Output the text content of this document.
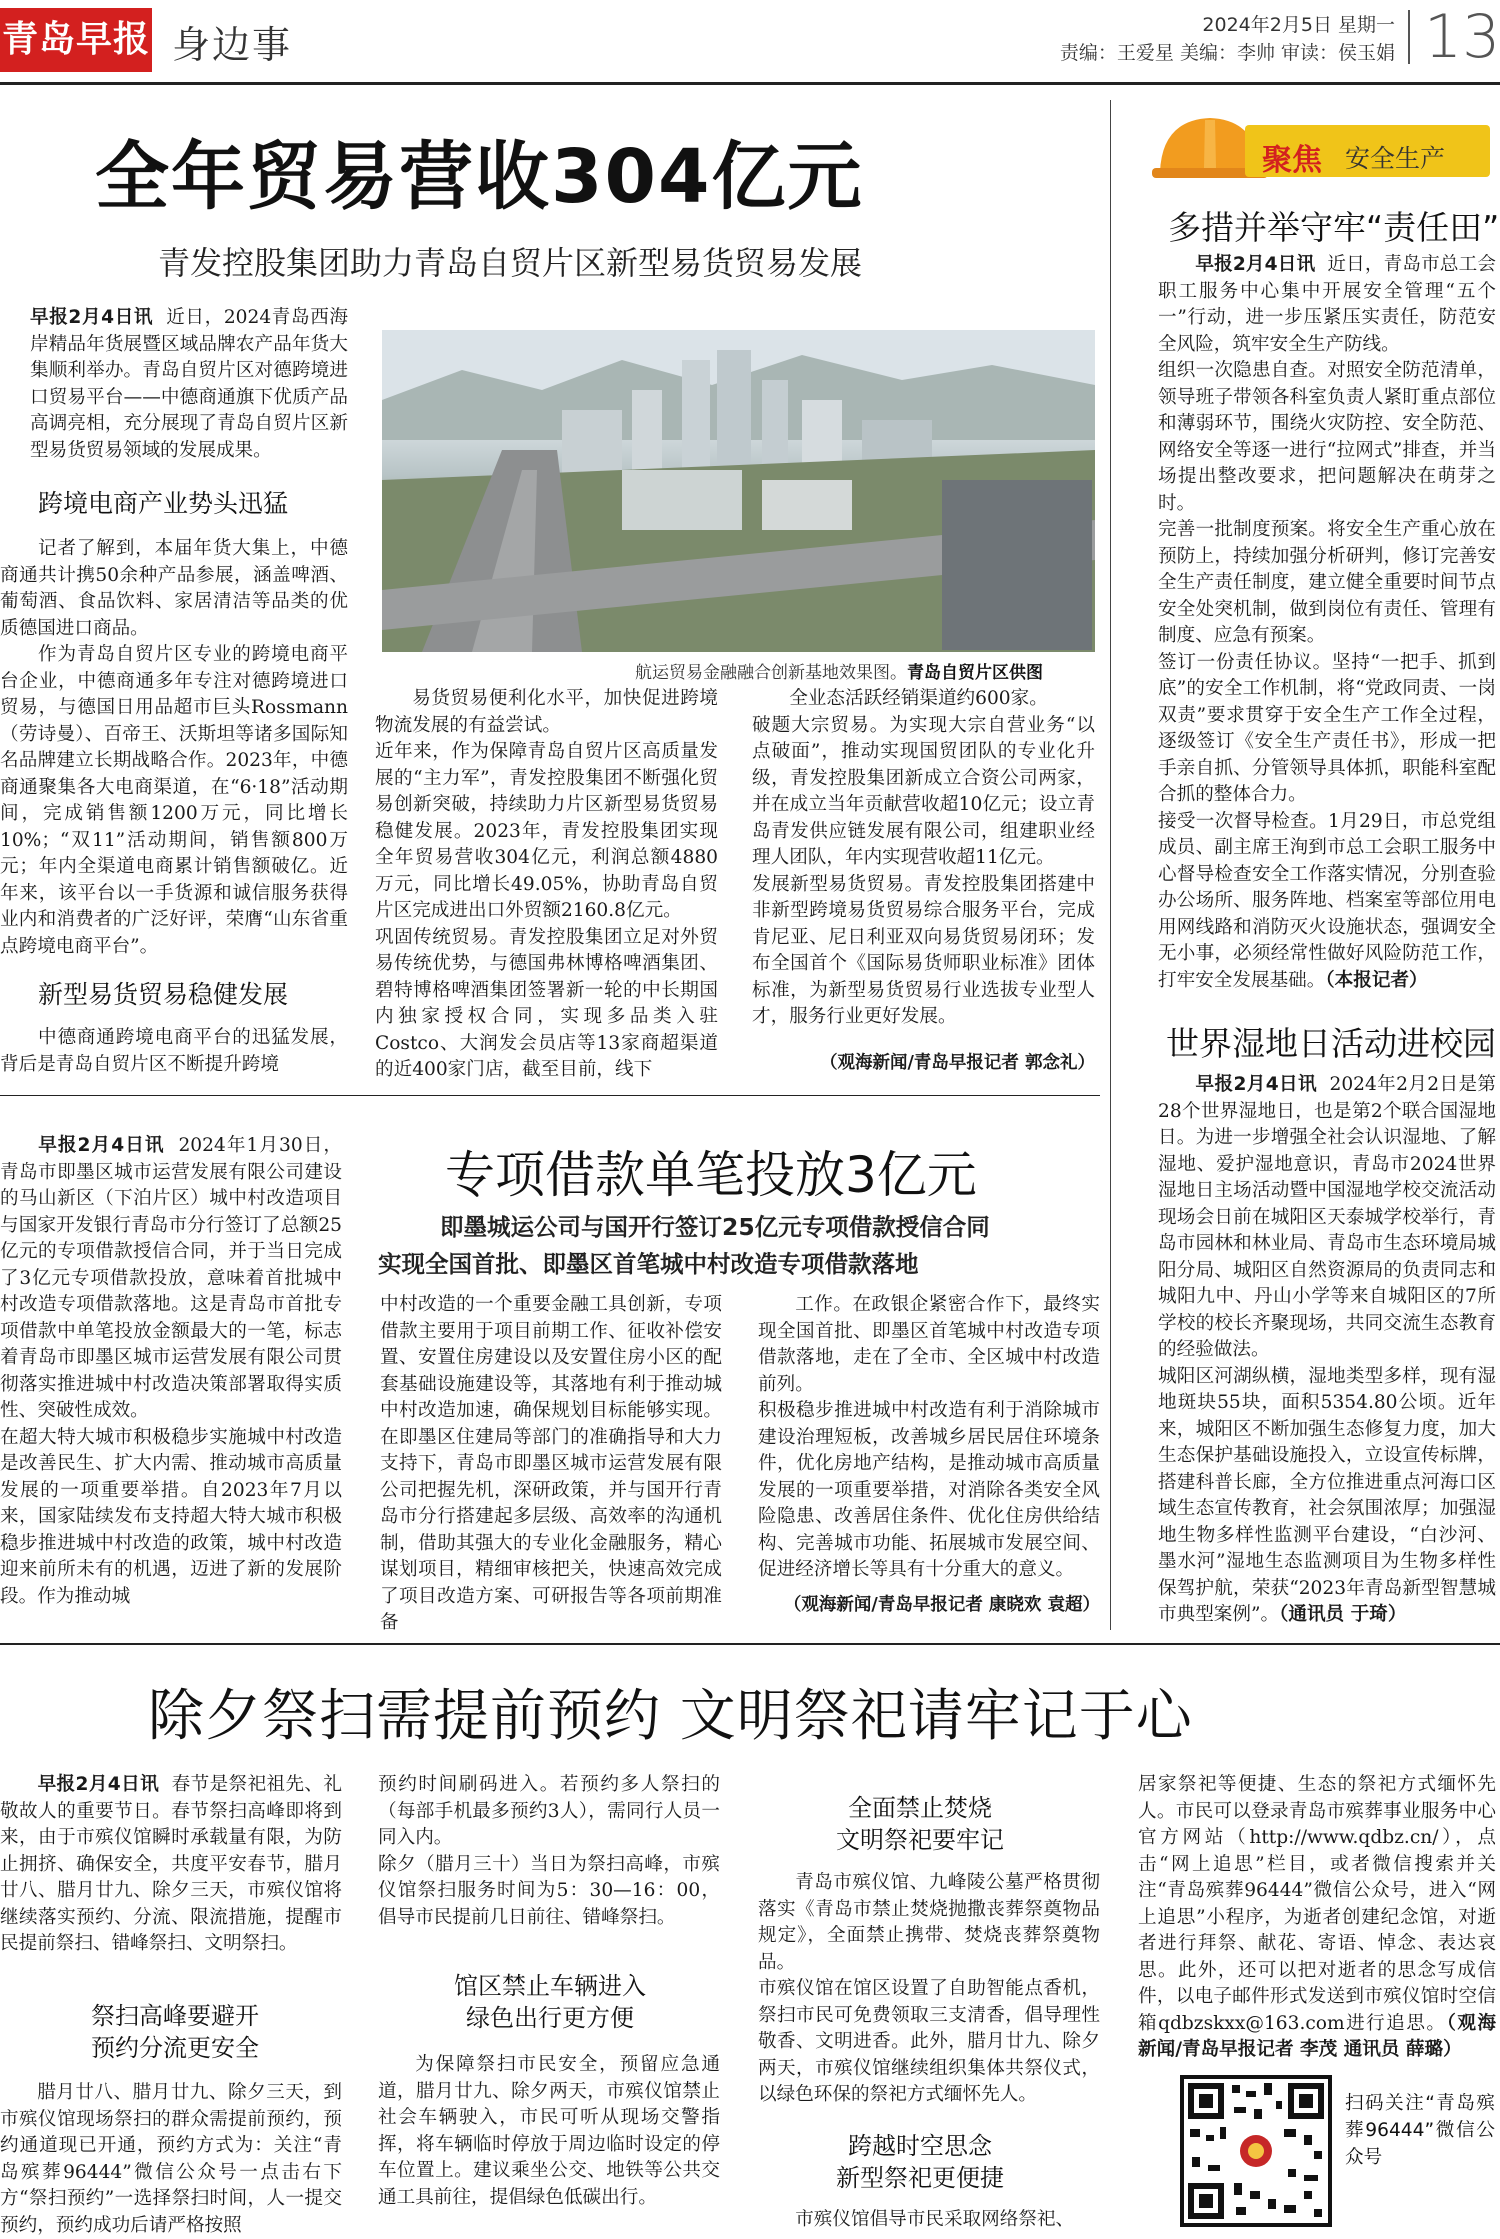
青岛早报 身边事	2024年2月5日 星期一
责编：王爱星 美编：李帅 审读：侯玉娟 13
全年贸易营收304亿元
青发控股集团助力青岛自贸片区新型易货贸易发展
早报2月4日讯 近日，2024青岛西海岸精品年货展暨区域品牌农产品年货大集顺利举办。青岛自贸片区对德跨境进口贸易平台——中德商通旗下优质产品高调亮相，充分展现了青岛自贸片区新型易货贸易领域的发展成果。
跨境电商产业势头迅猛
记者了解到，本届年货大集上，中德商通共计携50余种产品参展，涵盖啤酒、葡萄酒、食品饮料、家居清洁等品类的优质德国进口商品。
作为青岛自贸片区专业的跨境电商平台企业，中德商通多年专注对德跨境进口贸易，与德国日用品超市巨头Rossmann（劳诗曼）、百帝王、沃斯坦等诸多国际知名品牌建立长期战略合作。2023年，中德商通聚集各大电商渠道，在“6·18”活动期间，完成销售额1200万元，同比增长10%；“双11”活动期间，销售额800万元；年内全渠道电商累计销售额破亿。近年来，该平台以一手货源和诚信服务获得业内和消费者的广泛好评，荣膺“山东省重点跨境电商平台”。
新型易货贸易稳健发展
中德商通跨境电商平台的迅猛发展，背后是青岛自贸片区不断提升跨境
航运贸易金融融合创新基地效果图。青岛自贸片区供图
易货贸易便利化水平，加快促进跨境物流发展的有益尝试。
近年来，作为保障青岛自贸片区高质量发展的“主力军”，青发控股集团不断强化贸易创新突破，持续助力片区新型易货贸易稳健发展。2023年，青发控股集团实现全年贸易营收304亿元，利润总额4880万元，同比增长49.05%，协助青岛自贸片区完成进出口外贸额2160.8亿元。
巩固传统贸易。青发控股集团立足对外贸易传统优势，与德国弗林博格啤酒集团、碧特博格啤酒集团签署新一轮的中长期国内独家授权合同，实现多品类入驻Costco、大润发会员店等13家商超渠道的近400家门店，截至目前，线下
全业态活跃经销渠道约600家。
破题大宗贸易。为实现大宗自营业务“以点破面”，推动实现国贸团队的专业化升级，青发控股集团新成立合资公司两家，并在成立当年贡献营收超10亿元；设立青岛青发供应链发展有限公司，组建职业经理人团队，年内实现营收超11亿元。
发展新型易货贸易。青发控股集团搭建中非新型跨境易货贸易综合服务平台，完成肯尼亚、尼日利亚双向易货贸易闭环；发布全国首个《国际易货师职业标准》团体标准，为新型易货贸易行业选拔专业型人才，服务行业更好发展。
（观海新闻/青岛早报记者 郭念礼）
聚焦 安全生产
多措并举守牢“责任田”
早报2月4日讯 近日，青岛市总工会职工服务中心集中开展安全管理“五个一”行动，进一步压紧压实责任，防范安全风险，筑牢安全生产防线。
组织一次隐患自查。对照安全防范清单，领导班子带领各科室负责人紧盯重点部位和薄弱环节，围绕火灾防控、安全防范、网络安全等逐一进行“拉网式”排查，并当场提出整改要求，把问题解决在萌芽之时。
完善一批制度预案。将安全生产重心放在预防上，持续加强分析研判，修订完善安全生产责任制度，建立健全重要时间节点安全处突机制，做到岗位有责任、管理有制度、应急有预案。
签订一份责任协议。坚持“一把手、抓到底”的安全工作机制，将“党政同责、一岗双责”要求贯穿于安全生产工作全过程，逐级签订《安全生产责任书》，形成一把手亲自抓、分管领导具体抓，职能科室配合抓的整体合力。
接受一次督导检查。1月29日，市总党组成员、副主席王洵到市总工会职工服务中心督导检查安全工作落实情况，分别查验办公场所、服务阵地、档案室等部位用电用网线路和消防灭火设施状态，强调安全无小事，必须经常性做好风险防范工作，打牢安全发展基础。（本报记者）
世界湿地日活动进校园
早报2月4日讯 2024年2月2日是第28个世界湿地日，也是第2个联合国湿地日。为进一步增强全社会认识湿地、了解湿地、爱护湿地意识，青岛市2024世界湿地日主场活动暨中国湿地学校交流活动现场会日前在城阳区天泰城学校举行，青岛市园林和林业局、青岛市生态环境局城阳分局、城阳区自然资源局的负责同志和城阳九中、丹山小学等来自城阳区的7所学校的校长齐聚现场，共同交流生态教育的经验做法。
城阳区河湖纵横，湿地类型多样，现有湿地斑块55块，面积5354.80公顷。近年来，城阳区不断加强生态修复力度，加大生态保护基础设施投入，立设宣传标牌，搭建科普长廊，全方位推进重点河海口区域生态宣传教育，社会氛围浓厚；加强湿地生物多样性监测平台建设，“白沙河、墨水河”湿地生态监测项目为生物多样性保驾护航，荣获“2023年青岛新型智慧城市典型案例”。（通讯员 于琦）
专项借款单笔投放3亿元
即墨城运公司与国开行签订25亿元专项借款授信合同
实现全国首批、即墨区首笔城中村改造专项借款落地
早报2月4日讯 2024年1月30日，青岛市即墨区城市运营发展有限公司建设的马山新区（下泊片区）城中村改造项目与国家开发银行青岛市分行签订了总额25亿元的专项借款授信合同，并于当日完成了3亿元专项借款投放，意味着首批城中村改造专项借款落地。这是青岛市首批专项借款中单笔投放金额最大的一笔，标志着青岛市即墨区城市运营发展有限公司贯彻落实推进城中村改造决策部署取得实质性、突破性成效。
在超大特大城市积极稳步实施城中村改造是改善民生、扩大内需、推动城市高质量发展的一项重要举措。自2023年7月以来，国家陆续发布支持超大特大城市积极稳步推进城中村改造的政策，城中村改造迎来前所未有的机遇，迈进了新的发展阶段。作为推动城
中村改造的一个重要金融工具创新，专项借款主要用于项目前期工作、征收补偿安置、安置住房建设以及安置住房小区的配套基础设施建设等，其落地有利于推动城中村改造加速，确保规划目标能够实现。在即墨区住建局等部门的准确指导和大力支持下，青岛市即墨区城市运营发展有限公司把握先机，深研政策，并与国开行青岛市分行搭建起多层级、高效率的沟通机制，借助其强大的专业化金融服务，精心谋划项目，精细审核把关，快速高效完成了项目改造方案、可研报告等各项前期准备
工作。在政银企紧密合作下，最终实现全国首批、即墨区首笔城中村改造专项借款落地，走在了全市、全区城中村改造前列。
积极稳步推进城中村改造有利于消除城市建设治理短板，改善城乡居民居住环境条件，优化房地产结构，是推动城市高质量发展的一项重要举措，对消除各类安全风险隐患、改善居住条件、优化住房供给结构、完善城市功能、拓展城市发展空间、促进经济增长等具有十分重大的意义。
（观海新闻/青岛早报记者 康晓欢 袁超）
除夕祭扫需提前预约 文明祭祀请牢记于心
早报2月4日讯 春节是祭祀祖先、礼敬故人的重要节日。春节祭扫高峰即将到来，由于市殡仪馆瞬时承载量有限，为防止拥挤、确保安全，共度平安春节，腊月廿八、腊月廿九、除夕三天，市殡仪馆将继续落实预约、分流、限流措施，提醒市民提前祭扫、错峰祭扫、文明祭扫。
祭扫高峰要避开
预约分流更安全
腊月廿八、腊月廿九、除夕三天，到市殡仪馆现场祭扫的群众需提前预约，预约通道现已开通，预约方式为：关注“青岛殡葬96444”微信公众号一点击右下方“祭扫预约”一选择祭扫时间，人一提交预约，预约成功后请严格按照
预约时间刷码进入。若预约多人祭扫的（每部手机最多预约3人），需同行人员一同入内。
除夕（腊月三十）当日为祭扫高峰，市殡仪馆祭扫服务时间为5：30—16：00，倡导市民提前几日前往、错峰祭扫。
馆区禁止车辆进入
绿色出行更方便
为保障祭扫市民安全，预留应急通道，腊月廿九、除夕两天，市殡仪馆禁止社会车辆驶入，市民可听从现场交警指挥，将车辆临时停放于周边临时设定的停车位置上。建议乘坐公交、地铁等公共交通工具前往，提倡绿色低碳出行。
全面禁止焚烧
文明祭祀要牢记
青岛市殡仪馆、九峰陵公墓严格贯彻落实《青岛市禁止焚烧抛撒丧葬祭奠物品规定》，全面禁止携带、焚烧丧葬祭奠物品。
市殡仪馆在馆区设置了自助智能点香机，祭扫市民可免费领取三支清香，倡导理性敬香、文明进香。此外，腊月廿九、除夕两天，市殡仪馆继续组织集体共祭仪式，以绿色环保的祭祀方式缅怀先人。
跨越时空思念
新型祭祀更便捷
市殡仪馆倡导市民采取网络祭祀、
居家祭祀等便捷、生态的祭祀方式缅怀先人。市民可以登录青岛市殡葬事业服务中心官方网站（http://www.qdbz.cn/），点击“网上追思”栏目，或者微信搜索并关注“青岛殡葬96444”微信公众号，进入“网上追思”小程序，为逝者创建纪念馆，对逝者进行拜祭、献花、寄语、悼念、表达哀思。此外，还可以把对逝者的思念写成信件，以电子邮件形式发送到市殡仪馆时空信箱qdbzskxx@163.com进行追思。（观海新闻/青岛早报记者 李茂 通讯员 薛璐）
扫码关注“青岛殡葬96444”微信公众号
